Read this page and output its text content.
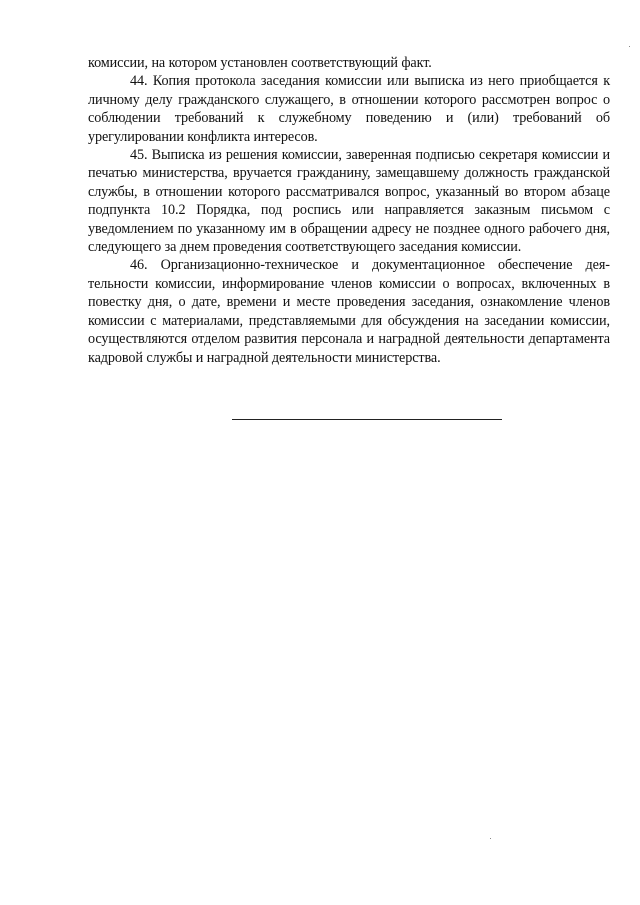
комиссии, на котором установлен соответствующий факт.

44. Копия протокола заседания комиссии или выписка из него приобщается к личному делу гражданского служащего, в отношении которого рассмотрен вопрос о соблюдении требований к служебному поведению и (или) требований об урегулировании конфликта интересов.

45. Выписка из решения комиссии, заверенная подписью секретаря комиссии и печатью министерства, вручается гражданину, замещавшему должность гражданской службы, в отношении которого рассматривался вопрос, указанный во втором абзаце подпункта 10.2 Порядка, под роспись или направляется заказным письмом с уведомлением по указанному им в обращении адресу не позднее одного рабочего дня, следующего за днем проведения соответствующего заседания комиссии.

46. Организационно-техническое и документационное обеспечение деятельности комиссии, информирование членов комиссии о вопросах, включенных в повестку дня, о дате, времени и месте проведения заседания, ознакомление членов комиссии с материалами, представляемыми для обсуждения на заседании комиссии, осуществляются отделом развития персонала и наградной деятельности департамента кадровой службы и наградной деятельности министерства.
